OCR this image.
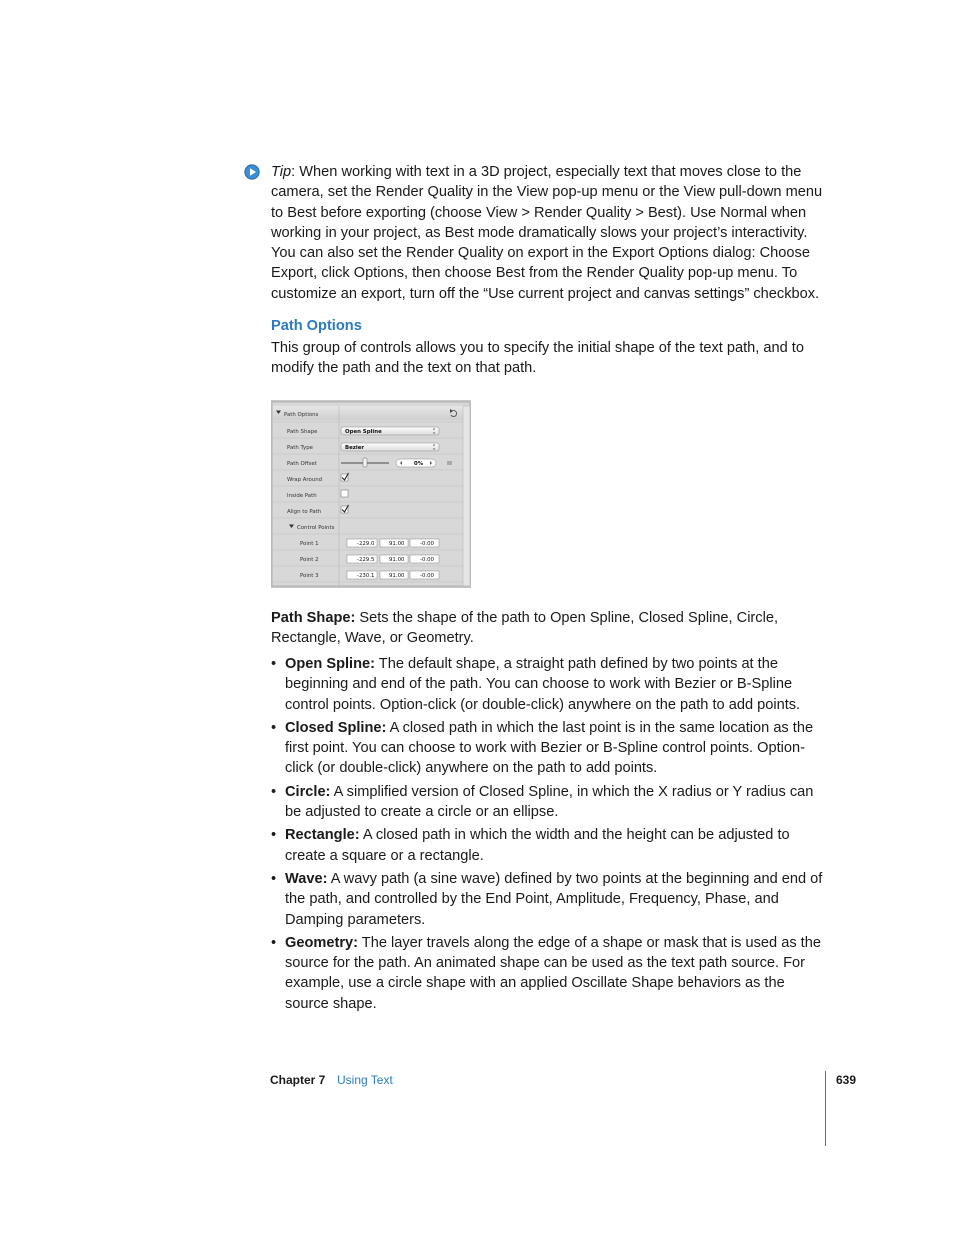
Tip: When working with text in a 3D project, especially text that moves close to the camera, set the Render Quality in the View pop-up menu or the View pull-down menu to Best before exporting (choose View > Render Quality > Best). Use Normal when working in your project, as Best mode dramatically slows your project’s interactivity. You can also set the Render Quality on export in the Export Options dialog: Choose Export, click Options, then choose Best from the Render Quality pop-up menu. To customize an export, turn off the “Use current project and canvas settings” checkbox.
Path Options
This group of controls allows you to specify the initial shape of the text path, and to modify the path and the text on that path.
Path Options
Path Shape	Open Spline
Path Type	Bezier
Path Offset	0%
Wrap Around
Inside Path
Align to Path
Control Points
Point 1	-229.0	91.00	-0.00
Point 2	-229.5	91.00	-0.00
Point 3	-230.1	91.00	-0.00
Path Shape: Sets the shape of the path to Open Spline, Closed Spline, Circle, Rectangle, Wave, or Geometry.
• Open Spline: The default shape, a straight path defined by two points at the beginning and end of the path. You can choose to work with Bezier or B-Spline control points. Option-click (or double-click) anywhere on the path to add points.
• Closed Spline: A closed path in which the last point is in the same location as the first point. You can choose to work with Bezier or B-Spline control points. Option-click (or double-click) anywhere on the path to add points.
• Circle: A simplified version of Closed Spline, in which the X radius or Y radius can be adjusted to create a circle or an ellipse.
• Rectangle: A closed path in which the width and the height can be adjusted to create a square or a rectangle.
• Wave: A wavy path (a sine wave) defined by two points at the beginning and end of the path, and controlled by the End Point, Amplitude, Frequency, Phase, and Damping parameters.
• Geometry: The layer travels along the edge of a shape or mask that is used as the source for the path. An animated shape can be used as the text path source. For example, use a circle shape with an applied Oscillate Shape behaviors as the source shape.
Chapter 7 Using Text	639
